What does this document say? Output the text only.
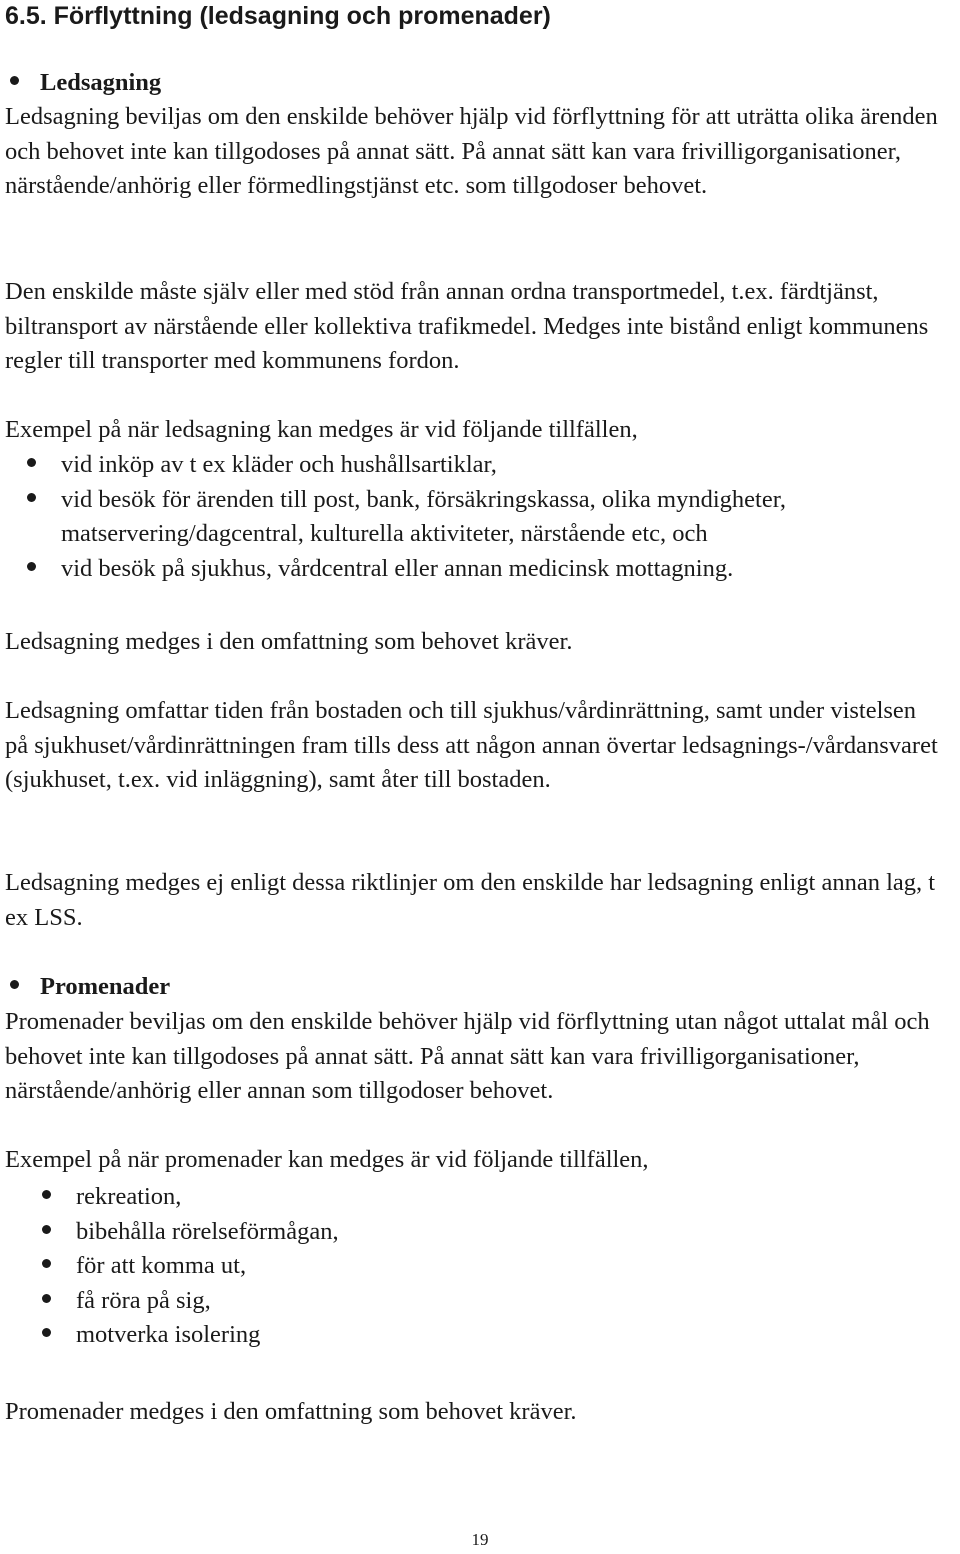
6.5. Förflyttning (ledsagning och promenader)
Ledsagning

Ledsagning beviljas om den enskilde behöver hjälp vid förflyttning för att uträtta olika ärenden och behovet inte kan tillgodoses på annat sätt. På annat sätt kan vara frivilligorganisationer, närstående/anhörig eller förmedlingstjänst etc. som tillgodoser behovet.

Den enskilde måste själv eller med stöd från annan ordna transportmedel, t.ex. färdtjänst, biltransport av närstående eller kollektiva trafikmedel. Medges inte bistånd enligt kommunens regler till transporter med kommunens fordon.

Exempel på när ledsagning kan medges är vid följande tillfällen,

vid inköp av t ex kläder och hushållsartiklar,
vid besök för ärenden till post, bank, försäkringskassa, olika myndigheter, matservering/dagcentral, kulturella aktiviteter, närstående etc, och
vid besök på sjukhus, vårdcentral eller annan medicinsk mottagning.

Ledsagning medges i den omfattning som behovet kräver.

Ledsagning omfattar tiden från bostaden och till sjukhus/vårdinrättning, samt under vistelsen på sjukhuset/vårdinrättningen fram tills dess att någon annan övertar ledsagnings-/vårdansvaret (sjukhuset, t.ex. vid inläggning), samt åter till bostaden.

Ledsagning medges ej enligt dessa riktlinjer om den enskilde har ledsagning enligt annan lag, t ex LSS.

Promenader

Promenader beviljas om den enskilde behöver hjälp vid förflyttning utan något uttalat mål och behovet inte kan tillgodoses på annat sätt. På annat sätt kan vara frivilligorganisationer, närstående/anhörig eller annan som tillgodoser behovet.

Exempel på när promenader kan medges är vid följande tillfällen,

rekreation,
bibehålla rörelseförmågan,
för att komma ut,
få röra på sig,
motverka isolering

Promenader medges i den omfattning som behovet kräver.

19
